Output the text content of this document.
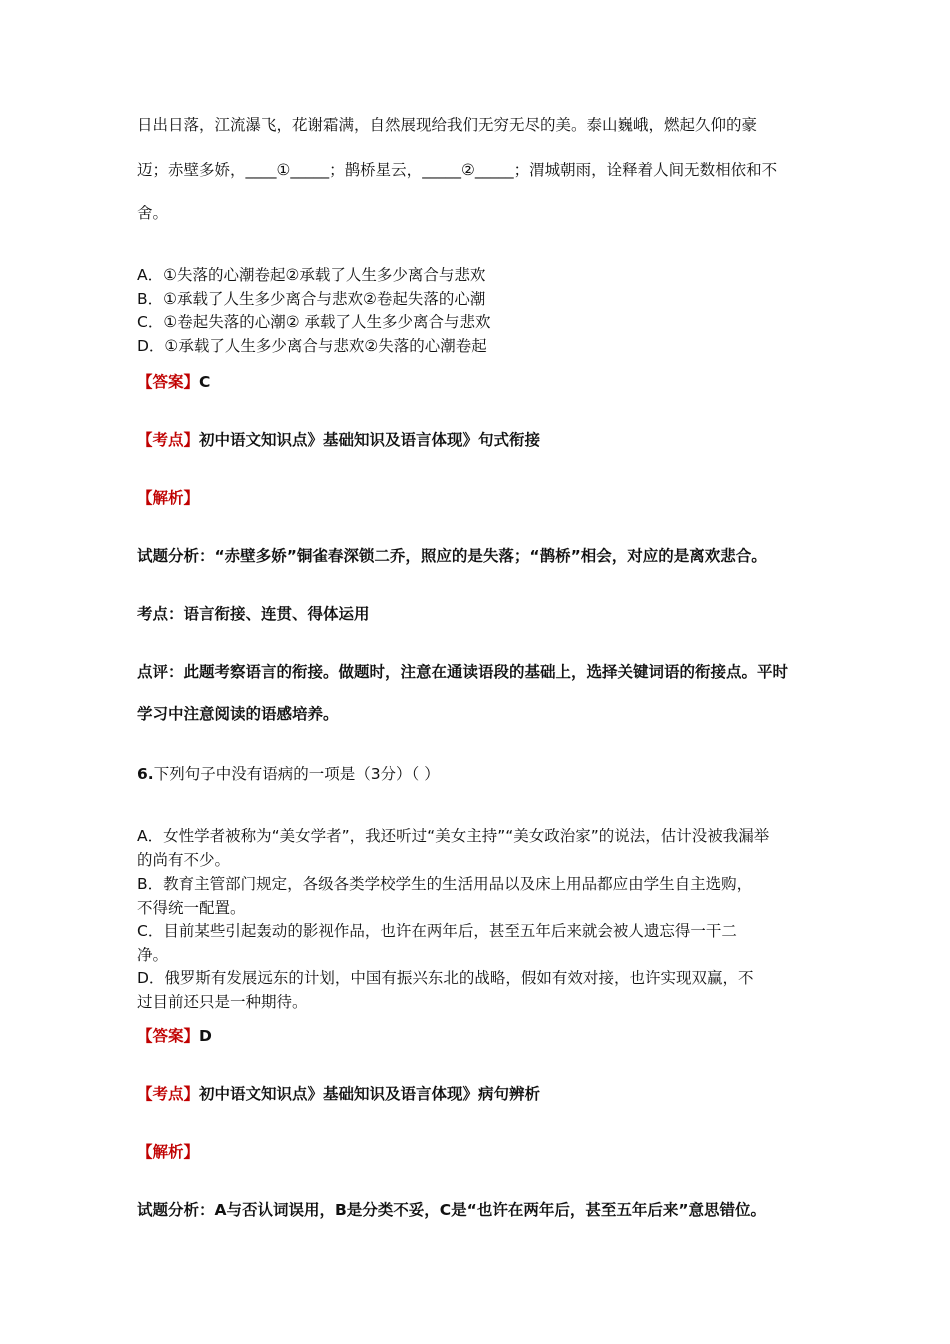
日出日落，江流瀑飞，花谢霜满，自然展现给我们无穷无尽的美。泰山巍峨，燃起久仰的豪
迈；赤壁多娇，____①_____；鹊桥星云，_____②_____；渭城朝雨，诠释着人间无数相依和不
舍。
A．①失落的心潮卷起②承载了人生多少离合与悲欢
B．①承载了人生多少离合与悲欢②卷起失落的心潮
C．①卷起失落的心潮② 承载了人生多少离合与悲欢
D．①承载了人生多少离合与悲欢②失落的心潮卷起
【答案】C
【考点】初中语文知识点》基础知识及语言体现》句式衔接
【解析】
试题分析：“赤壁多娇”铜雀春深锁二乔，照应的是失落；“鹊桥”相会，对应的是离欢悲合。
考点：语言衔接、连贯、得体运用
点评：此题考察语言的衔接。做题时，注意在通读语段的基础上，选择关键词语的衔接点。平时
学习中注意阅读的语感培养。
6.下列句子中没有语病的一项是（3分）（ ）
A．女性学者被称为“美女学者”，我还听过“美女主持”“美女政治家”的说法，估计没被我漏举
的尚有不少。
B．教育主管部门规定，各级各类学校学生的生活用品以及床上用品都应由学生自主选购，
不得统一配置。
C．目前某些引起轰动的影视作品，也许在两年后，甚至五年后来就会被人遗忘得一干二
净。
D．俄罗斯有发展远东的计划，中国有振兴东北的战略，假如有效对接，也许实现双赢，不
过目前还只是一种期待。
【答案】D
【考点】初中语文知识点》基础知识及语言体现》病句辨析
【解析】
试题分析：A与否认词误用，B是分类不妥，C是“也许在两年后，甚至五年后来”意思错位。
